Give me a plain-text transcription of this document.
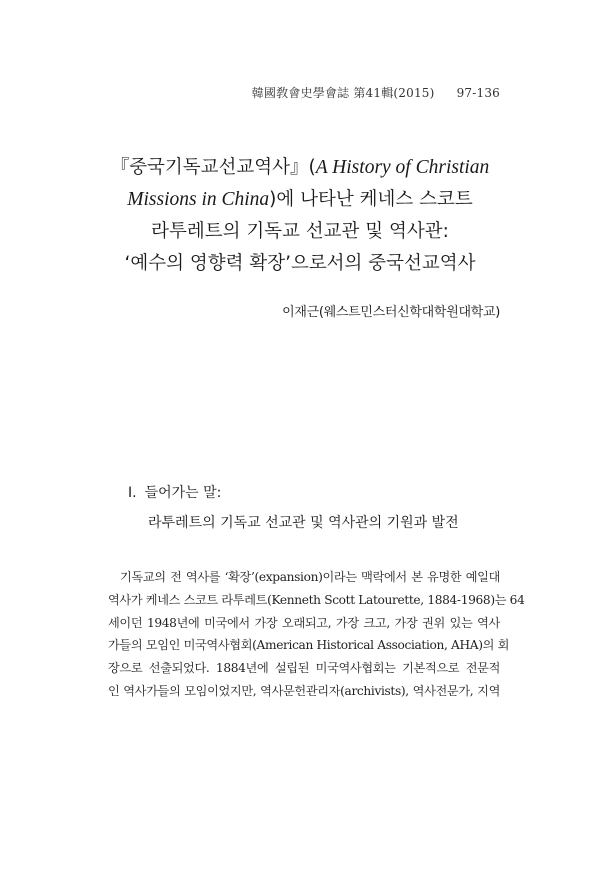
韓國敎會史學會誌 第41輯(2015) 97-136
『중국기독교선교역사』(A History of Christian
Missions in China)에 나타난 케네스 스코트
라투레트의 기독교 선교관 및 역사관:
‘예수의 영향력 확장’으로서의 중국선교역사
이재근(웨스트민스터신학대학원대학교)
Ⅰ. 들어가는 말:
라투레트의 기독교 선교관 및 역사관의 기원과 발전
기독교의 전 역사를 ‘확장’(expansion)이라는 맥락에서 본 유명한 예일대
역사가 케네스 스코트 라투레트(Kenneth Scott Latourette, 1884-1968)는 64
세이던 1948년에 미국에서 가장 오래되고, 가장 크고, 가장 권위 있는 역사
가들의 모임인 미국역사협회(American Historical Association, AHA)의 회
장으로 선출되었다. 1884년에 설립된 미국역사협회는 기본적으로 전문적
인 역사가들의 모임이었지만, 역사문헌관리자(archivists), 역사전문가, 지역
